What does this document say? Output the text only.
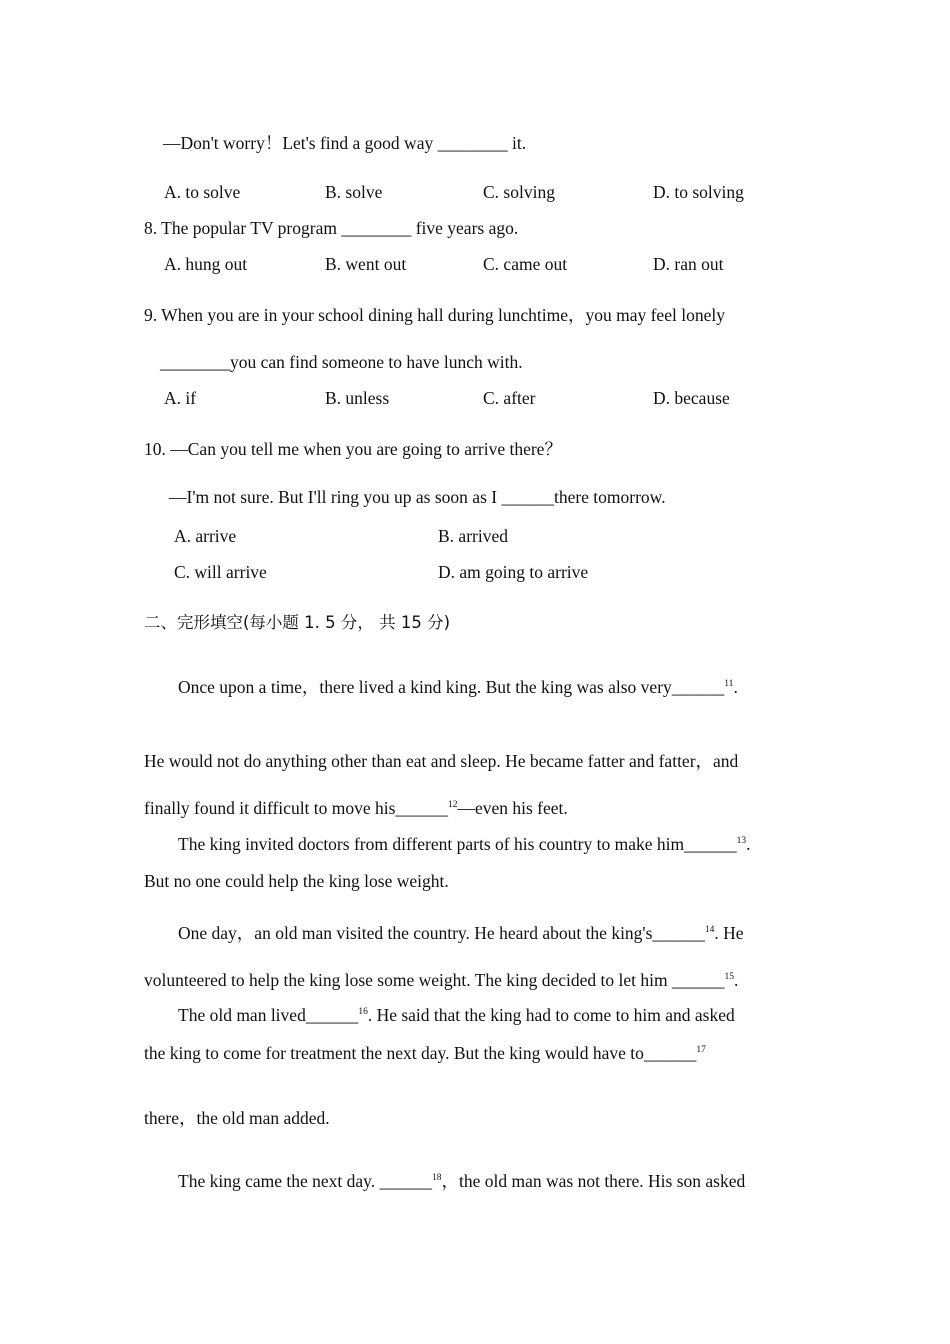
—Don't worry！Let's find a good way ________ it.
A. to solve	B. solve	C. solving	D. to solving
8. The popular TV program ________ five years ago.
A. hung out	B. went out	C. came out	D. ran out
9. When you are in your school dining hall during lunchtime，you may feel lonely
________you can find someone to have lunch with.
A. if	B. unless	C. after	D. because
10. —Can you tell me when you are going to arrive there？
—I'm not sure. But I'll ring you up as soon as I ______there tomorrow.
A. arrive	B. arrived
C. will arrive	D. am going to arrive
二、完形填空(每小题 1. 5 分， 共 15 分)
Once upon a time，there lived a kind king. But the king was also very______$^{11}$.
He would not do anything other than eat and sleep. He became fatter and fatter，and
finally found it difficult to move his______$^{12}$—even his feet.
The king invited doctors from different parts of his country to make him______$^{13}$.
But no one could help the king lose weight.
One day，an old man visited the country. He heard about the king's______$^{14}$. He
volunteered to help the king lose some weight. The king decided to let him ______$^{15}$.
The old man lived______$^{16}$. He said that the king had to come to him and asked
the king to come for treatment the next day. But the king would have to______$^{17}$
there，the old man added.
The king came the next day. ______$^{18}$，the old man was not there. His son asked
